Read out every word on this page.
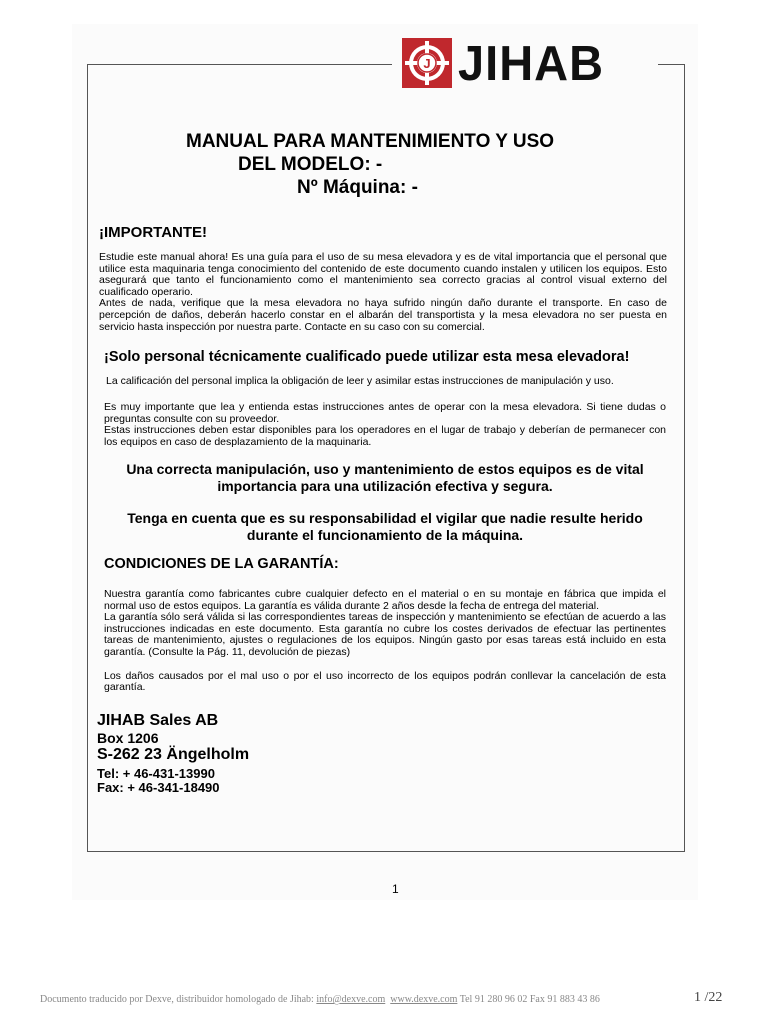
J JIHAB
MANUAL PARA MANTENIMIENTO Y USO
DEL MODELO: -
Nº Máquina: -
¡IMPORTANTE!

Estudie este manual ahora! Es una guía para el uso de su mesa elevadora y es de vital importancia que el personal que utilice esta maquinaria tenga conocimiento del contenido de este documento cuando instalen y utilicen los equipos. Esto asegurará que tanto el funcionamiento como el mantenimiento sea correcto gracias al control visual externo del cualificado operario.

Antes de nada, verifique que la mesa elevadora no haya sufrido ningún daño durante el transporte. En caso de percepción de daños, deberán hacerlo constar en el albarán del transportista y la mesa elevadora no ser puesta en servicio hasta inspección por nuestra parte. Contacte en su caso con su comercial.

¡Solo personal técnicamente cualificado puede utilizar esta mesa elevadora!
La calificación del personal implica la obligación de leer y asimilar estas instrucciones de manipulación y uso.

Es muy importante que lea y entienda estas instrucciones antes de operar con la mesa elevadora. Si tiene dudas o preguntas consulte con su proveedor.

Estas instrucciones deben estar disponibles para los operadores en el lugar de trabajo y deberían de permanecer con los equipos en caso de desplazamiento de la maquinaria.

Una correcta manipulación, uso y mantenimiento de estos equipos es de vital importancia para una utilización efectiva y segura.
Tenga en cuenta que es su responsabilidad el vigilar que nadie resulte herido durante el funcionamiento de la máquina.
CONDICIONES DE LA GARANTÍA:

Nuestra garantía como fabricantes cubre cualquier defecto en el material o en su montaje en fábrica que impida el normal uso de estos equipos. La garantía es válida durante 2 años desde la fecha de entrega del material.

La garantía sólo será válida si las correspondientes tareas de inspección y mantenimiento se efectúan de acuerdo a las instrucciones indicadas en este documento. Esta garantía no cubre los costes derivados de efectuar las pertinentes tareas de mantenimiento, ajustes o regulaciones de los equipos. Ningún gasto por esas tareas está incluido en esta garantía. (Consulte la Pág. 11, devolución de piezas)

Los daños causados por el mal uso o por el uso incorrecto de los equipos podrán conllevar la cancelación de esta garantía.

JIHAB Sales AB
Box 1206
S-262 23 Ängelholm
Tel: + 46-431-13990
Fax: + 46-341-18490
1
Documento traducido por Dexve, distribuidor homologado de Jihab: info@dexve.com www.dexve.com Tel 91 280 96 02 Fax 91 883 43 86	1 /22
